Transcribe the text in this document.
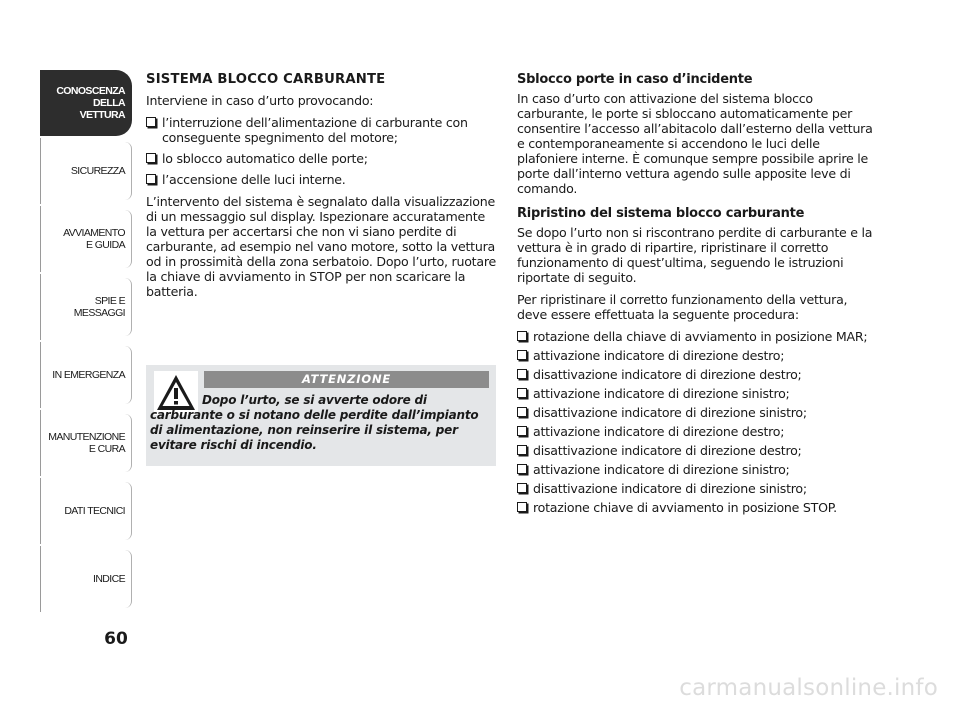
CONOSCENZA
DELLA
VETTURA
SICUREZZA
AVVIAMENTO
E GUIDA
SPIE E
MESSAGGI
IN EMERGENZA
MANUTENZIONE
E CURA
DATI TECNICI
INDICE
60
SISTEMA BLOCCO CARBURANTE

Interviene in caso d’urto provocando:

l’interruzione dell’alimentazione di carburante con conseguente spegnimento del motore;
lo sblocco automatico delle porte;
l’accensione delle luci interne.

L’intervento del sistema è segnalato dalla visualizzazione di un messaggio sul display. Ispezionare accuratamente la vettura per accertarsi che non vi siano perdite di carburante, ad esempio nel vano motore, sotto la vettura od in prossimità della zona serbatoio. Dopo l’urto, ruotare la chiave di avviamento in STOP per non scaricare la batteria.

ATTENZIONE
Dopo l’urto, se si avverte odore di carburante o si notano delle perdite dall’impianto di alimentazione, non reinserire il sistema, per evitare rischi di incendio.
Sblocco porte in caso d’incidente

In caso d’urto con attivazione del sistema blocco carburante, le porte si sbloccano automaticamente per consentire l’accesso all’abitacolo dall’esterno della vettura e contemporaneamente si accendono le luci delle plafoniere interne. È comunque sempre possibile aprire le porte dall’interno vettura agendo sulle apposite leve di comando.

Ripristino del sistema blocco carburante

Se dopo l’urto non si riscontrano perdite di carburante e la vettura è in grado di ripartire, ripristinare il corretto funzionamento di quest’ultima, seguendo le istruzioni riportate di seguito.

Per ripristinare il corretto funzionamento della vettura, deve essere effettuata la seguente procedura:

rotazione della chiave di avviamento in posizione MAR;
attivazione indicatore di direzione destro;
disattivazione indicatore di direzione destro;
attivazione indicatore di direzione sinistro;
disattivazione indicatore di direzione sinistro;
attivazione indicatore di direzione destro;
disattivazione indicatore di direzione destro;
attivazione indicatore di direzione sinistro;
disattivazione indicatore di direzione sinistro;
rotazione chiave di avviamento in posizione STOP.
carmanualsonline.info
